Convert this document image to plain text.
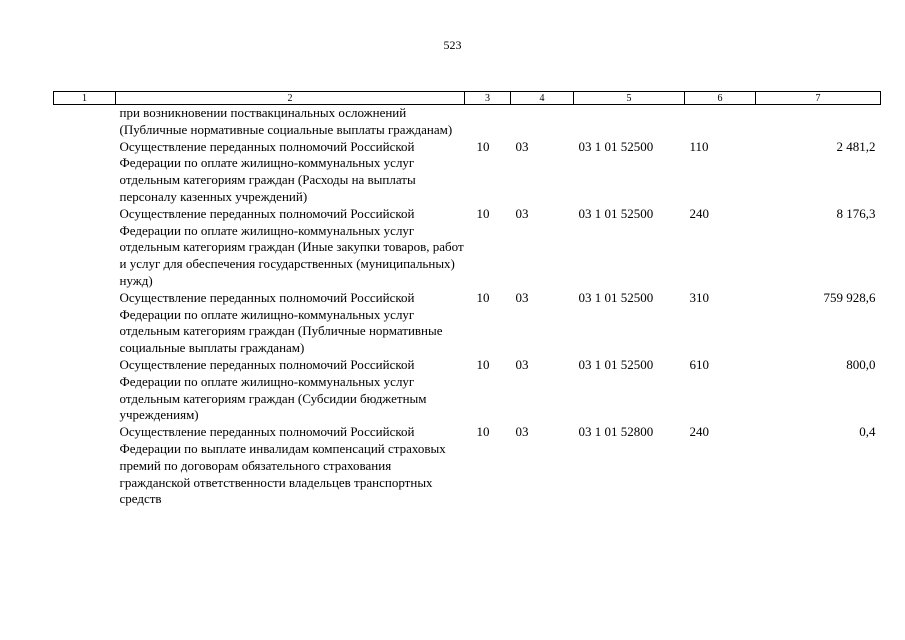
523
1	2	3	4	5	6	7
	при возникновении поствакцинальных осложнений (Публичные нормативные социальные выплаты гражданам)					
	Осуществление переданных полномочий Российской Федерации по оплате жилищно-коммунальных услуг отдельным категориям граждан (Расходы на выплаты персоналу казенных учреждений)	10	03	03 1 01 52500	110	2 481,2
	Осуществление переданных полномочий Российской Федерации по оплате жилищно-коммунальных услуг отдельным категориям граждан (Иные закупки товаров, работ и услуг для обеспечения государственных (муниципальных) нужд)	10	03	03 1 01 52500	240	8 176,3
	Осуществление переданных полномочий Российской Федерации по оплате жилищно-коммунальных услуг отдельным категориям граждан (Публичные нормативные социальные выплаты гражданам)	10	03	03 1 01 52500	310	759 928,6
	Осуществление переданных полномочий Российской Федерации по оплате жилищно-коммунальных услуг отдельным категориям граждан (Субсидии бюджетным учреждениям)	10	03	03 1 01 52500	610	800,0
	Осуществление переданных полномочий Российской Федерации по выплате инвалидам компенсаций страховых премий по договорам обязательного страхования гражданской ответственности владельцев транспортных средств	10	03	03 1 01 52800	240	0,4
